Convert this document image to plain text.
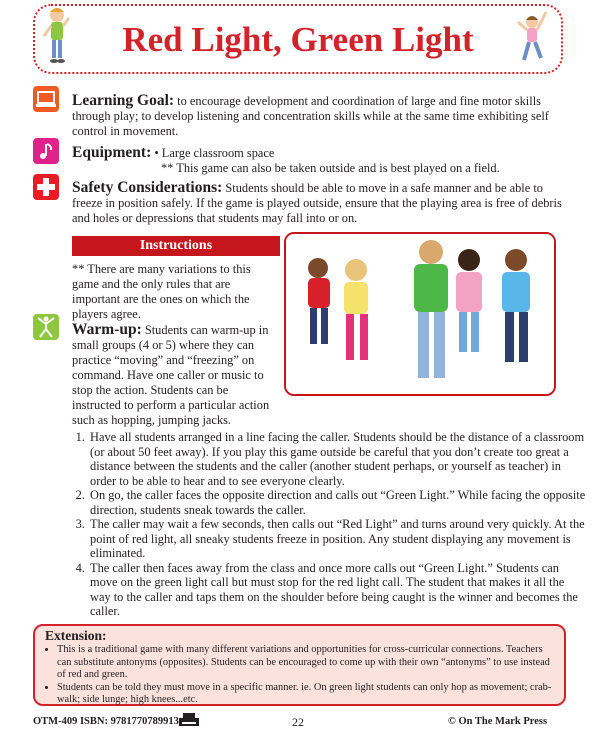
Red Light, Green Light
Learning Goal: to encourage development and coordination of large and fine motor skills through play; to develop listening and concentration skills while at the same time exhibiting self control in movement.
Equipment: • Large classroom space
** This game can also be taken outside and is best played on a field.
Safety Considerations: Students should be able to move in a safe manner and be able to freeze in position safely. If the game is played outside, ensure that the playing area is free of debris and holes or depressions that students may fall into or on.
Instructions
** There are many variations to this game and the only rules that are important are the ones on which the players agree.
Warm-up: Students can warm-up in small groups (4 or 5) where they can practice “moving” and “freezing” on command. Have one caller or music to stop the action. Students can be instructed to perform a particular action such as hopping, jumping jacks.
1. Have all students arranged in a line facing the caller. Students should be the distance of a classroom (or about 50 feet away). If you play this game outside be careful that you don’t create too great a distance between the students and the caller (another student perhaps, or yourself as teacher) in order to be able to hear and to see everyone clearly.
2. On go, the caller faces the opposite direction and calls out “Green Light.” While facing the opposite direction, students sneak towards the caller.
3. The caller may wait a few seconds, then calls out “Red Light” and turns around very quickly. At the point of red light, all sneaky students freeze in position. Any student displaying any movement is eliminated.
4. The caller then faces away from the class and once more calls out “Green Light.” Students can move on the green light call but must stop for the red light call. The student that makes it all the way to the caller and taps them on the shoulder before being caught is the winner and becomes the caller.
Extension:
• This is a traditional game with many different variations and opportunities for cross-curricular connections. Teachers can substitute antonyms (opposites). Students can be encouraged to come up with their own “antonyms” to use instead of red and green.
• Students can be told they must move in a specific manner. ie. On green light students can only hop as movement; crab-walk; side lunge; high knees...etc.
OTM-409 ISBN: 9781770789913	22	© On The Mark Press
